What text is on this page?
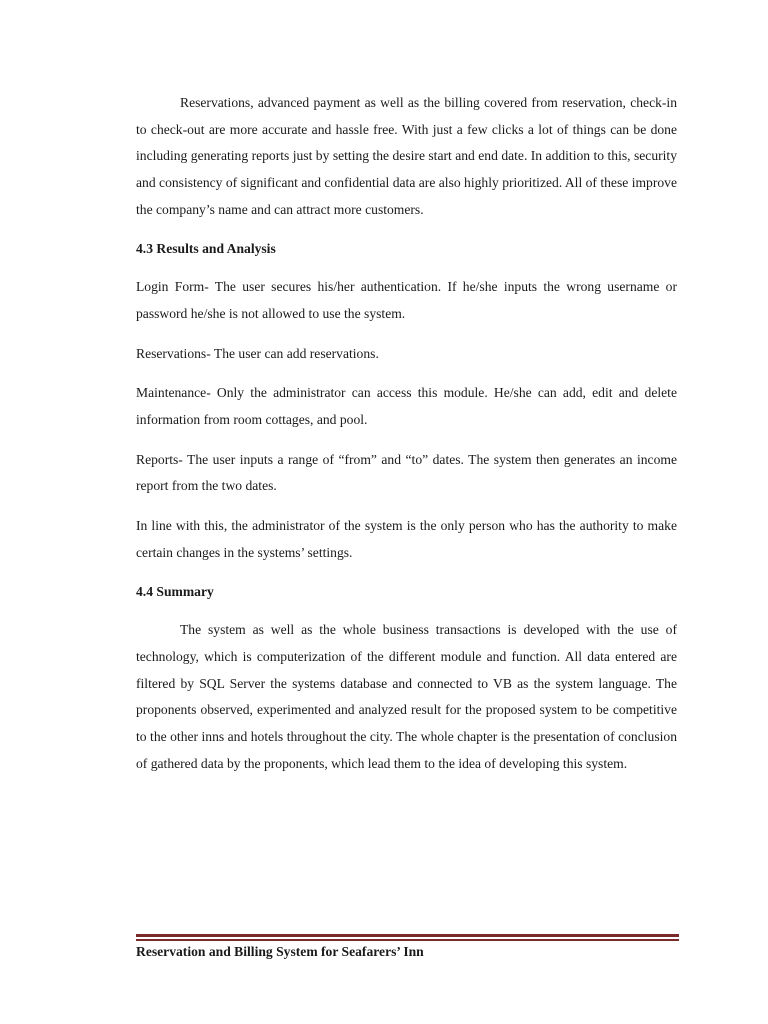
Reservations, advanced payment as well as the billing covered from reservation, check-in to check-out are more accurate and hassle free. With just a few clicks a lot of things can be done including generating reports just by setting the desire start and end date. In addition to this, security and consistency of significant and confidential data are also highly prioritized. All of these improve the company’s name and can attract more customers.

4.3 Results and Analysis

Login Form- The user secures his/her authentication. If he/she inputs the wrong username or password he/she is not allowed to use the system.

Reservations- The user can add reservations.

Maintenance- Only the administrator can access this module. He/she can add, edit and delete information from room cottages, and pool.

Reports- The user inputs a range of “from” and “to” dates. The system then generates an income report from the two dates.

In line with this, the administrator of the system is the only person who has the authority to make certain changes in the systems’ settings.

4.4 Summary

The system as well as the whole business transactions is developed with the use of technology, which is computerization of the different module and function. All data entered are filtered by SQL Server the systems database and connected to VB as the system language. The proponents observed, experimented and analyzed result for the proposed system to be competitive to the other inns and hotels throughout the city. The whole chapter is the presentation of conclusion of gathered data by the proponents, which lead them to the idea of developing this system.

Reservation and Billing System for Seafarers’ Inn
